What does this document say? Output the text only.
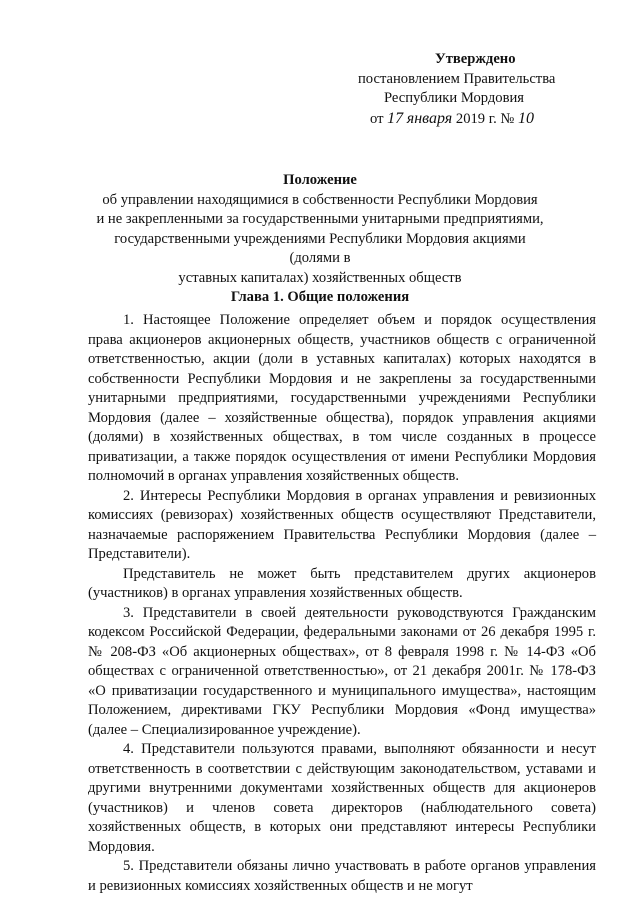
Утверждено
постановлением Правительства
Республики Мордовия
от 17 января 2019 г. № 10
Положение
об управлении находящимися в собственности Республики Мордовия
и не закрепленными за государственными унитарными предприятиями,
государственными учреждениями Республики Мордовия акциями (долями в
уставных капиталах) хозяйственных обществ
Глава 1. Общие положения

1. Настоящее Положение определяет объем и порядок осуществления права акционеров акционерных обществ, участников обществ с ограниченной ответственностью, акции (доли в уставных капиталах) которых находятся в собственности Республики Мордовия и не закреплены за государственными унитарными предприятиями, государственными учреждениями Республики Мордовия (далее – хозяйственные общества), порядок управления акциями (долями) в хозяйственных обществах, в том числе созданных в процессе приватизации, а также порядок осуществления от имени Республики Мордовия полномочий в органах управления хозяйственных обществ.

2. Интересы Республики Мордовия в органах управления и ревизионных комиссиях (ревизорах) хозяйственных обществ осуществляют Представители, назначаемые распоряжением Правительства Республики Мордовия (далее – Представители).

Представитель не может быть представителем других акционеров (участников) в органах управления хозяйственных обществ.

3. Представители в своей деятельности руководствуются Гражданским кодексом Российской Федерации, федеральными законами от 26 декабря 1995 г. № 208-ФЗ «Об акционерных обществах», от 8 февраля 1998 г. № 14-ФЗ «Об обществах с ограниченной ответственностью», от 21 декабря 2001г. № 178-ФЗ «О приватизации государственного и муниципального имущества», настоящим Положением, директивами ГКУ Республики Мордовия «Фонд имущества» (далее – Специализированное учреждение).

4. Представители пользуются правами, выполняют обязанности и несут ответственность в соответствии с действующим законодательством, уставами и другими внутренними документами хозяйственных обществ для акционеров (участников) и членов совета директоров (наблюдательного совета) хозяйственных обществ, в которых они представляют интересы Республики Мордовия.

5. Представители обязаны лично участвовать в работе органов управления и ревизионных комиссиях хозяйственных обществ и не могут
